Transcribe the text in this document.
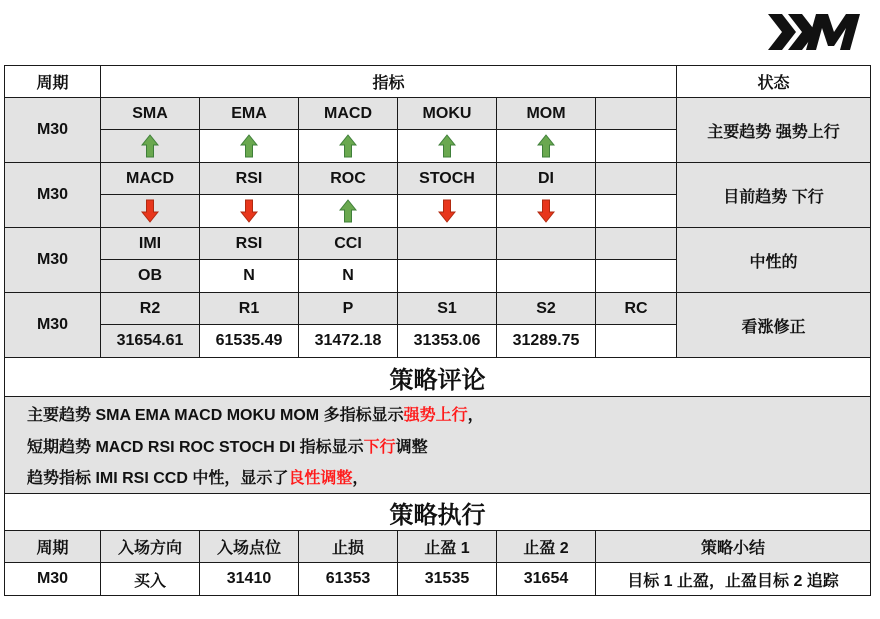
周期	指标						状态
M30	SMA	EMA	MACD	MOKU	MOM		主要趋势 强势上行

M30	MACD	RSI	ROC	STOCH	DI		目前趋势 下行

M30	IMI	RSI	CCI				中性的
	OB	N	N				
M30	R2	R1	P	S1	S2	RC	看涨修正
	31654.61	61535.49	31472.18	31353.06	31289.75		
策略评论							
主要趋势 SMA EMA MACD MOKU MOM 多指标显示强势上行，							
短期趋势 MACD RSI ROC STOCH DI 指标显示下行调整							
趋势指标 IMI RSI CCD 中性，显示了良性调整，							
策略执行							
周期	入场方向	入场点位	止损	止盈 1	止盈 2	策略小结	
M30	买入	31410	61353	31535	31654	目标 1 止盈，止盈目标 2 追踪	
